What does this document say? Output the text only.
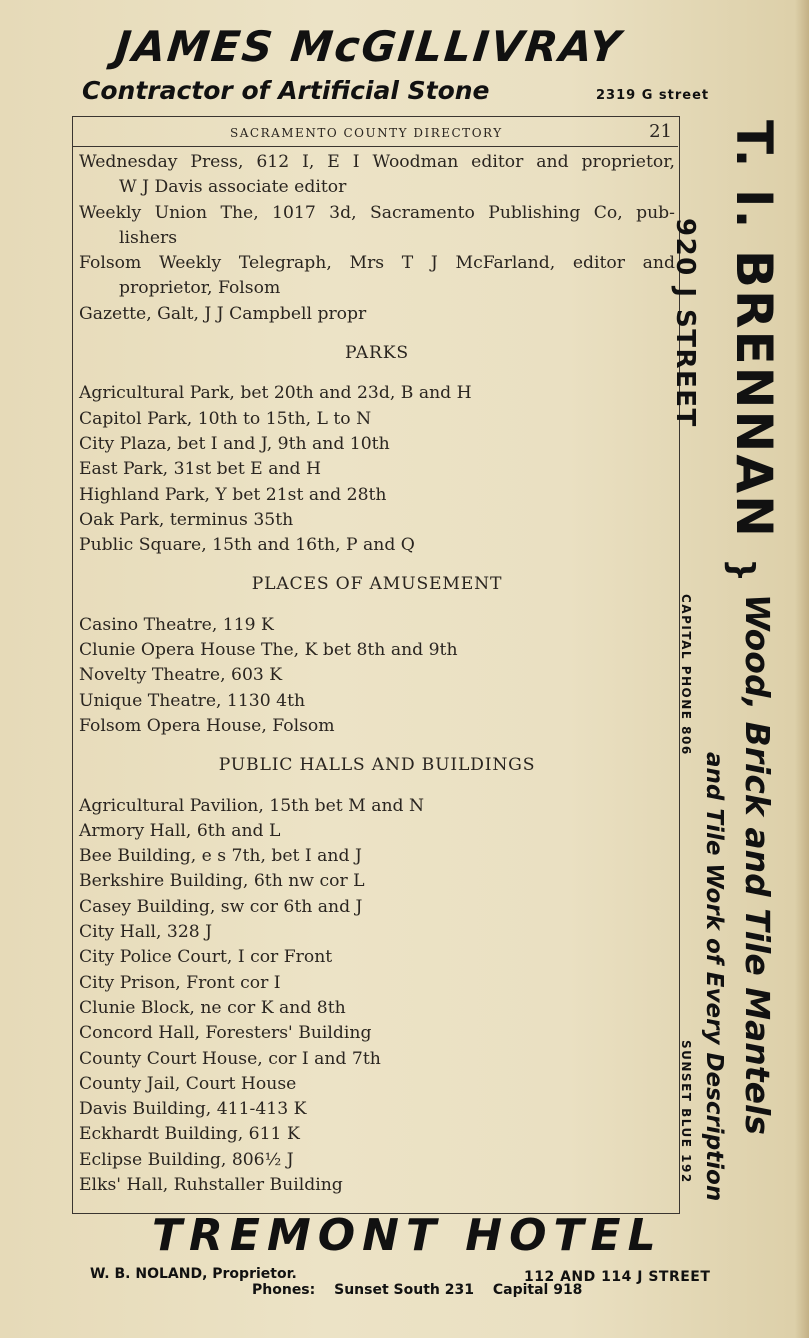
JAMES McGILLIVRAY
Contractor of Artificial Stone	2319 G street
SACRAMENTO COUNTY DIRECTORY	21
Wednesday Press, 612 I, E I Woodman editor and proprietor,
W J Davis associate editor
Weekly Union The, 1017 3d, Sacramento Publishing Co, pub-
lishers
Folsom Weekly Telegraph, Mrs T J McFarland, editor and
proprietor, Folsom
Gazette, Galt, J J Campbell propr
PARKS
Agricultural Park, bet 20th and 23d, B and H
Capitol Park, 10th to 15th, L to N
City Plaza, bet I and J, 9th and 10th
East Park, 31st bet E and H
Highland Park, Y bet 21st and 28th
Oak Park, terminus 35th
Public Square, 15th and 16th, P and Q
PLACES OF AMUSEMENT
Casino Theatre, 119 K
Clunie Opera House The, K bet 8th and 9th
Novelty Theatre, 603 K
Unique Theatre, 1130 4th
Folsom Opera House, Folsom
PUBLIC HALLS AND BUILDINGS
Agricultural Pavilion, 15th bet M and N
Armory Hall, 6th and L
Bee Building, e s 7th, bet I and J
Berkshire Building, 6th nw cor L
Casey Building, sw cor 6th and J
City Hall, 328 J
City Police Court, I cor Front
City Prison, Front cor I
Clunie Block, ne cor K and 8th
Concord Hall, Foresters' Building
County Court House, cor I and 7th
County Jail, Court House
Davis Building, 411-413 K
Eckhardt Building, 611 K
Eclipse Building, 806½ J
Elks' Hall, Ruhstaller Building
T. I. BRENNAN
920 J STREET
}
Wood, Brick and Tile Mantels
and Tile Work of Every Description
CAPITAL PHONE 806
SUNSET BLUE 192
TREMONT HOTEL
W. B. NOLAND, Proprietor.	112 AND 114 J STREET
Phones: Sunset South 231 Capital 918
